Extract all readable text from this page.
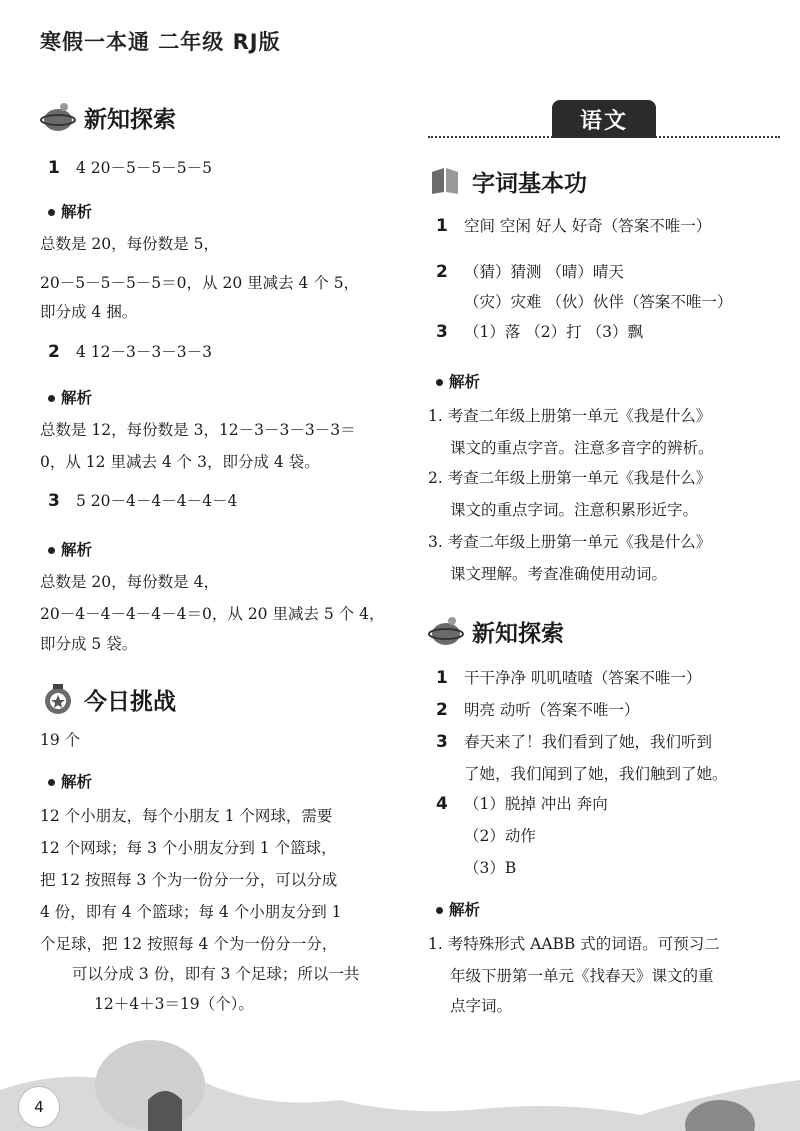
寒假一本通 二年级 RJ版
新知探索
1 4 20－5－5－5－5
解析
总数是 20，每份数是 5，
20－5－5－5－5＝0，从 20 里减去 4 个 5，
即分成 4 捆。
2 4 12－3－3－3－3
解析
总数是 12，每份数是 3，12－3－3－3－3＝
0，从 12 里减去 4 个 3，即分成 4 袋。
3 5 20－4－4－4－4－4
解析
总数是 20，每份数是 4，
20－4－4－4－4－4＝0，从 20 里减去 5 个 4，
即分成 5 袋。
今日挑战
19 个
解析
12 个小朋友，每个小朋友 1 个网球，需要
12 个网球；每 3 个小朋友分到 1 个篮球，
把 12 按照每 3 个为一份分一分，可以分成
4 份，即有 4 个篮球；每 4 个小朋友分到 1
个足球，把 12 按照每 4 个为一份分一分，
可以分成 3 份，即有 3 个足球；所以一共
12＋4＋3＝19（个）。
语文
字词基本功
1 空间 空闲 好人 好奇（答案不唯一）
2 （猜）猜测 （晴）晴天
（灾）灾难 （伙）伙伴（答案不唯一）
3 （1）落 （2）打 （3）飘
解析
1. 考查二年级上册第一单元《我是什么》
课文的重点字音。注意多音字的辨析。
2. 考查二年级上册第一单元《我是什么》
课文的重点字词。注意积累形近字。
3. 考查二年级上册第一单元《我是什么》
课文理解。考查准确使用动词。
新知探索
1 干干净净 叽叽喳喳（答案不唯一）
2 明亮 动听（答案不唯一）
3 春天来了！我们看到了她，我们听到
了她，我们闻到了她，我们触到了她。
4 （1）脱掉 冲出 奔向
（2）动作
（3）B
解析
1. 考特殊形式 AABB 式的词语。可预习二
年级下册第一单元《找春天》课文的重
点字词。
4
